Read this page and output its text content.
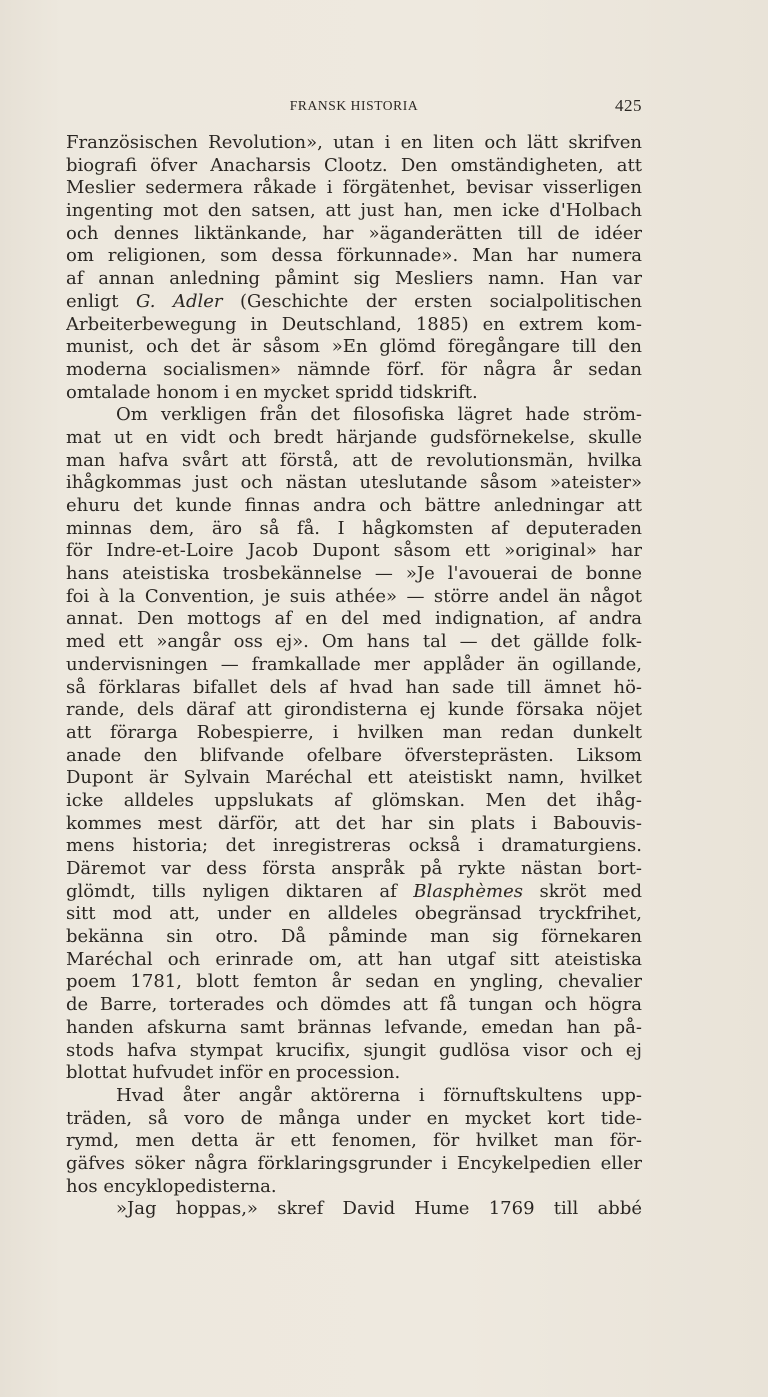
FRANSK HISTORIA	425
Französischen Revolution», utan i en liten och lätt skrifven
biografi öfver Anacharsis Clootz. Den omständigheten, att
Meslier sedermera råkade i förgätenhet, bevisar visserligen
ingenting mot den satsen, att just han, men icke d'Holbach
och dennes liktänkande, har »äganderätten till de idéer
om religionen, som dessa förkunnade». Man har numera
af annan anledning påmint sig Mesliers namn. Han var
enligt G. Adler (Geschichte der ersten socialpolitischen
Arbeiterbewegung in Deutschland, 1885) en extrem kom-
munist, och det är såsom »En glömd föregångare till den
moderna socialismen» nämnde förf. för några år sedan
omtalade honom i en mycket spridd tidskrift.
Om verkligen från det filosofiska lägret hade ström-
mat ut en vidt och bredt härjande gudsförnekelse, skulle
man hafva svårt att förstå, att de revolutionsmän, hvilka
ihågkommas just och nästan uteslutande såsom »ateister»
ehuru det kunde finnas andra och bättre anledningar att
minnas dem, äro så få. I hågkomsten af deputeraden
för Indre-et-Loire Jacob Dupont såsom ett »original» har
hans ateistiska trosbekännelse — »Je l'avouerai de bonne
foi à la Convention, je suis athée» — större andel än något
annat. Den mottogs af en del med indignation, af andra
med ett »angår oss ej». Om hans tal — det gällde folk-
undervisningen — framkallade mer applåder än ogillande,
så förklaras bifallet dels af hvad han sade till ämnet hö-
rande, dels däraf att girondisterna ej kunde försaka nöjet
att förarga Robespierre, i hvilken man redan dunkelt
anade den blifvande ofelbare öfversteprästen. Liksom
Dupont är Sylvain Maréchal ett ateistiskt namn, hvilket
icke alldeles uppslukats af glömskan. Men det ihåg-
kommes mest därför, att det har sin plats i Babouvis-
mens historia; det inregistreras också i dramaturgiens.
Däremot var dess första anspråk på rykte nästan bort-
glömdt, tills nyligen diktaren af Blasphèmes skröt med
sitt mod att, under en alldeles obegränsad tryckfrihet,
bekänna sin otro. Då påminde man sig förnekaren
Maréchal och erinrade om, att han utgaf sitt ateistiska
poem 1781, blott femton år sedan en yngling, chevalier
de Barre, torterades och dömdes att få tungan och högra
handen afskurna samt brännas lefvande, emedan han på-
stods hafva stympat krucifix, sjungit gudlösa visor och ej
blottat hufvudet inför en procession.
Hvad åter angår aktörerna i förnuftskultens upp-
träden, så voro de många under en mycket kort tide-
rymd, men detta är ett fenomen, för hvilket man för-
gäfves söker några förklaringsgrunder i Encykelpedien eller
hos encyklopedisterna.
»Jag hoppas,» skref David Hume 1769 till abbé
